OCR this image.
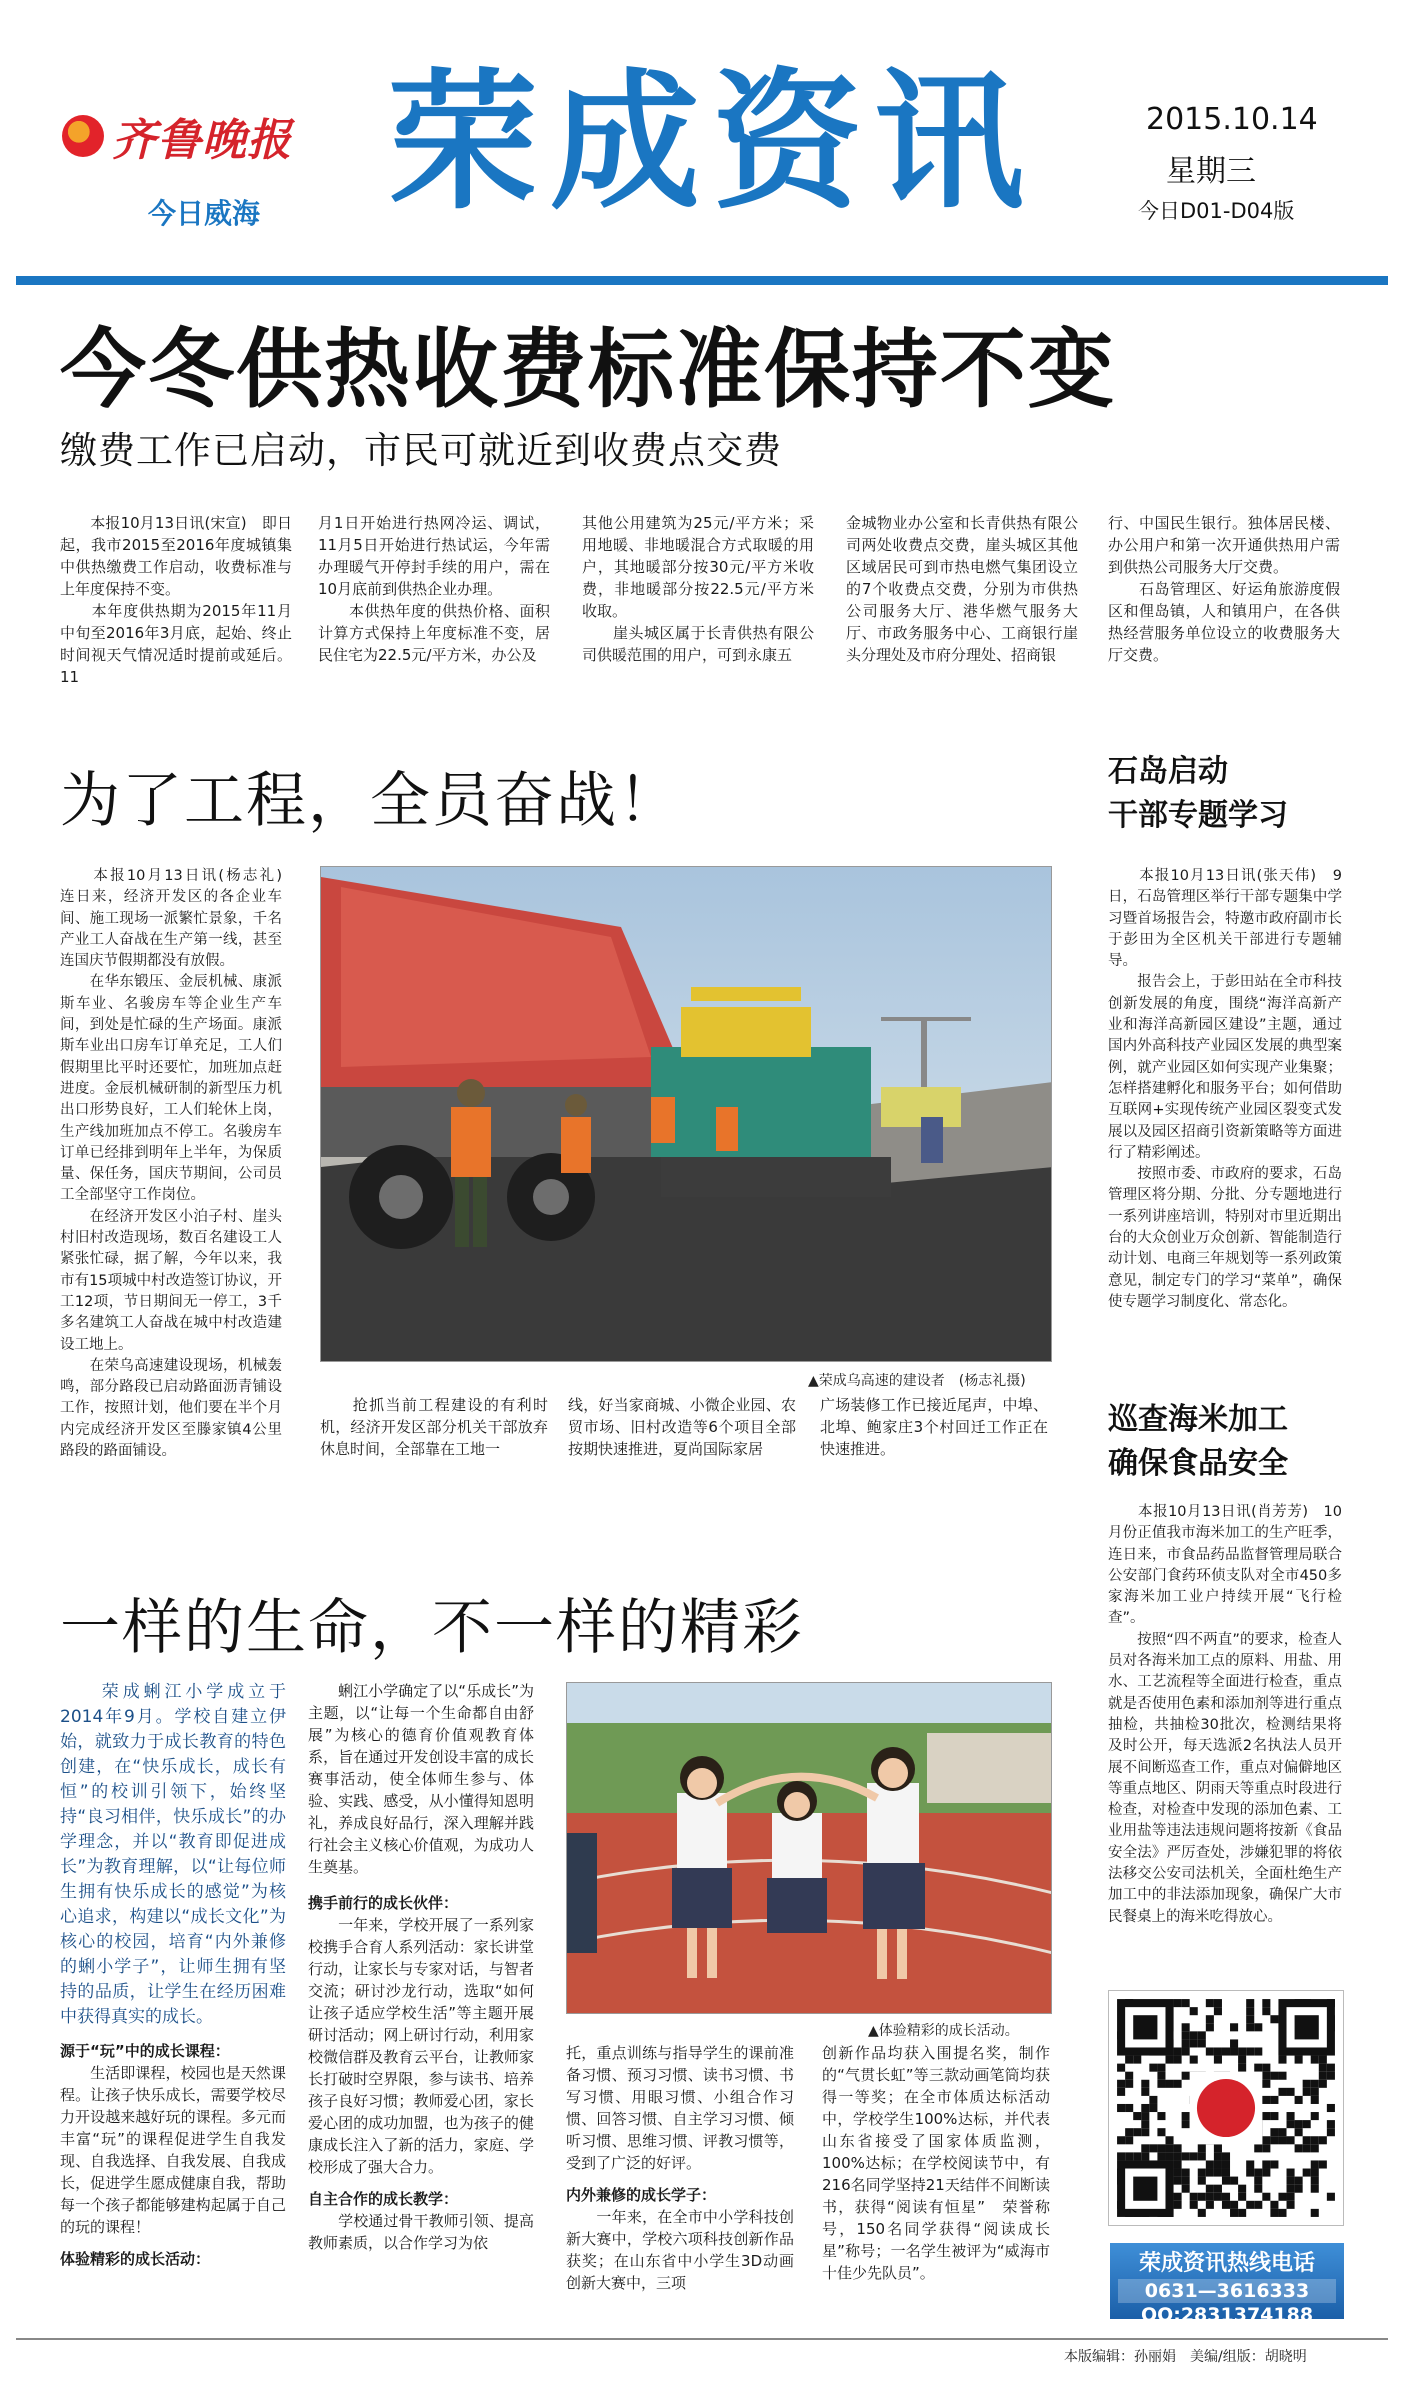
齐鲁晚报
今日威海 荣成资讯	2015.10.14
星期三
今日D01-D04版
今冬供热收费标准保持不变
缴费工作已启动，市民可就近到收费点交费
　　本报10月13日讯(宋宣)　即日起，我市2015至2016年度城镇集中供热缴费工作启动，收费标准与上年度保持不变。
　　本年度供热期为2015年11月中旬至2016年3月底，起始、终止时间视天气情况适时提前或延后。11
月1日开始进行热网冷运、调试，11月5日开始进行热试运，今年需办理暖气开停封手续的用户，需在10月底前到供热企业办理。
　　本供热年度的供热价格、面积计算方式保持上年度标准不变，居民住宅为22.5元/平方米，办公及
其他公用建筑为25元/平方米；采用地暖、非地暖混合方式取暖的用户，其地暖部分按30元/平方米收费，非地暖部分按22.5元/平方米收取。
　　崖头城区属于长青供热有限公司供暖范围的用户，可到永康五
金城物业办公室和长青供热有限公司两处收费点交费，崖头城区其他区域居民可到市热电燃气集团设立的7个收费点交费，分别为市供热公司服务大厅、港华燃气服务大厅、市政务服务中心、工商银行崖头分理处及市府分理处、招商银
行、中国民生银行。独体居民楼、办公用户和第一次开通供热用户需到供热公司服务大厅交费。
　　石岛管理区、好运角旅游度假区和俚岛镇，人和镇用户，在各供热经营服务单位设立的收费服务大厅交费。
为了工程，全员奋战！
　　本报10月13日讯(杨志礼)　连日来，经济开发区的各企业车间、施工现场一派繁忙景象，千名产业工人奋战在生产第一线，甚至连国庆节假期都没有放假。
　　在华东锻压、金辰机械、康派斯车业、名骏房车等企业生产车间，到处是忙碌的生产场面。康派斯车业出口房车订单充足，工人们假期里比平时还要忙，加班加点赶进度。金辰机械研制的新型压力机出口形势良好，工人们轮休上岗，生产线加班加点不停工。名骏房车订单已经排到明年上半年，为保质量、保任务，国庆节期间，公司员工全部坚守工作岗位。
　　在经济开发区小泊子村、崖头村旧村改造现场，数百名建设工人紧张忙碌，据了解，今年以来，我市有15项城中村改造签订协议，开工12项，节日期间无一停工，3千多名建筑工人奋战在城中村改造建设工地上。
　　在荣乌高速建设现场，机械轰鸣，部分路段已启动路面沥青铺设工作，按照计划，他们要在半个月内完成经济开发区至滕家镇4公里路段的路面铺设。
▲荣成乌高速的建设者　(杨志礼摄)
　　抢抓当前工程建设的有利时机，经济开发区部分机关干部放弃休息时间，全部靠在工地一
线，好当家商城、小微企业园、农贸市场、旧村改造等6个项目全部按期快速推进，夏尚国际家居
广场装修工作已接近尾声，中埠、北埠、鲍家庄3个村回迁工作正在快速推进。
石岛启动
干部专题学习
　　本报10月13日讯(张天伟)　9日，石岛管理区举行干部专题集中学习暨首场报告会，特邀市政府副市长于彭田为全区机关干部进行专题辅导。
　　报告会上，于彭田站在全市科技创新发展的角度，围绕“海洋高新产业和海洋高新园区建设”主题，通过国内外高科技产业园区发展的典型案例，就产业园区如何实现产业集聚；怎样搭建孵化和服务平台；如何借助互联网+实现传统产业园区裂变式发展以及园区招商引资新策略等方面进行了精彩阐述。
　　按照市委、市政府的要求，石岛管理区将分期、分批、分专题地进行一系列讲座培训，特别对市里近期出台的大众创业万众创新、智能制造行动计划、电商三年规划等一系列政策意见，制定专门的学习“菜单”，确保使专题学习制度化、常态化。
巡查海米加工
确保食品安全
　　本报10月13日讯(肖芳芳)　10月份正值我市海米加工的生产旺季，连日来，市食品药品监督管理局联合公安部门食药环侦支队对全市450多家海米加工业户持续开展“飞行检查”。
　　按照“四不两直”的要求，检查人员对各海米加工点的原料、用盐、用水、工艺流程等全面进行检查，重点就是否使用色素和添加剂等进行重点抽检，共抽检30批次，检测结果将及时公开，每天选派2名执法人员开展不间断巡查工作，重点对偏僻地区等重点地区、阴雨天等重点时段进行检查，对检查中发现的添加色素、工业用盐等违法违规问题将按新《食品安全法》严厉查处，涉嫌犯罪的将依法移交公安司法机关，全面杜绝生产加工中的非法添加现象，确保广大市民餐桌上的海米吃得放心。
一样的生命，不一样的精彩
　　荣成蜊江小学成立于2014年9月。学校自建立伊始，就致力于成长教育的特色创建，在“快乐成长，成长有恒”的校训引领下，始终坚持“良习相伴，快乐成长”的办学理念，并以“教育即促进成长”为教育理解，以“让每位师生拥有快乐成长的感觉”为核心追求，构建以“成长文化”为核心的校园，培育“内外兼修的蜊小学子”，让师生拥有坚持的品质，让学生在经历困难中获得真实的成长。
源于“玩”中的成长课程：
　　生活即课程，校园也是天然课程。让孩子快乐成长，需要学校尽力开设越来越好玩的课程。多元而丰富“玩”的课程促进学生自我发现、自我选择、自我发展、自我成长，促进学生愿成健康自我，帮助每一个孩子都能够建构起属于自己的玩的课程！
体验精彩的成长活动：
　　蜊江小学确定了以“乐成长”为主题，以“让每一个生命都自由舒展”为核心的德育价值观教育体系，旨在通过开发创设丰富的成长赛事活动，使全体师生参与、体验、实践、感受，从小懂得知恩明礼，养成良好品行，深入理解并践行社会主义核心价值观，为成功人生奠基。
携手前行的成长伙伴：
　　一年来，学校开展了一系列家校携手合育人系列活动：家长讲堂行动，让家长与专家对话，与智者交流；研讨沙龙行动，选取“如何让孩子适应学校生活”等主题开展研讨活动；网上研讨行动，利用家校微信群及教育云平台，让教师家长打破时空界限，参与读书、培养孩子良好习惯；教师爱心团，家长爱心团的成功加盟，也为孩子的健康成长注入了新的活力，家庭、学校形成了强大合力。
自主合作的成长教学：
　　学校通过骨干教师引领、提高教师素质，以合作学习为依
▲体验精彩的成长活动。
托，重点训练与指导学生的课前准备习惯、预习习惯、读书习惯、书写习惯、用眼习惯、小组合作习惯、回答习惯、自主学习习惯、倾听习惯、思维习惯、评教习惯等，受到了广泛的好评。
内外兼修的成长学子：
　　一年来，在全市中小学科技创新大赛中，学校六项科技创新作品获奖；在山东省中小学生3D动画创新大赛中，三项
创新作品均获入围提名奖，制作的“气贯长虹”等三款动画笔筒均获得一等奖；在全市体质达标活动中，学校学生100%达标，并代表山东省接受了国家体质监测，100%达标；在学校阅读节中，有216名同学坚持21天结伴不间断读书，获得“阅读有恒星”　荣誉称号，150名同学获得“阅读成长星”称号；一名学生被评为“威海市十佳少先队员”。	荣成资讯热线电话
0631—3616333
QQ:2831374188
本版编辑：孙丽娟　美编/组版：胡晓明
